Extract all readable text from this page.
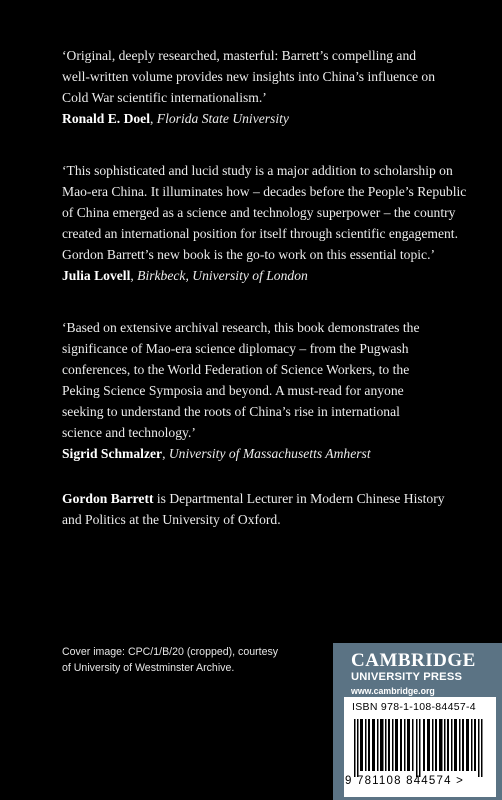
‘Original, deeply researched, masterful: Barrett’s compelling and

well-written volume provides new insights into China’s influence on

Cold War scientific internationalism.’

Ronald E. Doel, Florida State University

‘This sophisticated and lucid study is a major addition to scholarship on

Mao-era China. It illuminates how – decades before the People’s Republic

of China emerged as a science and technology superpower – the country

created an international position for itself through scientific engagement.

Gordon Barrett’s new book is the go-to work on this essential topic.’

Julia Lovell, Birkbeck, University of London

‘Based on extensive archival research, this book demonstrates the

significance of Mao-era science diplomacy – from the Pugwash

conferences, to the World Federation of Science Workers, to the

Peking Science Symposia and beyond. A must-read for anyone

seeking to understand the roots of China’s rise in international

science and technology.’

Sigrid Schmalzer, University of Massachusetts Amherst
Gordon Barrett is Departmental Lecturer in Modern Chinese History
and Politics at the University of Oxford.
Cover image: CPC/1/B/20 (cropped), courtesy
of University of Westminster Archive.	CAMBRIDGE
UNIVERSITY PRESS
www.cambridge.org
ISBN 978-1-108-84457-4
9 781108 844574 >
